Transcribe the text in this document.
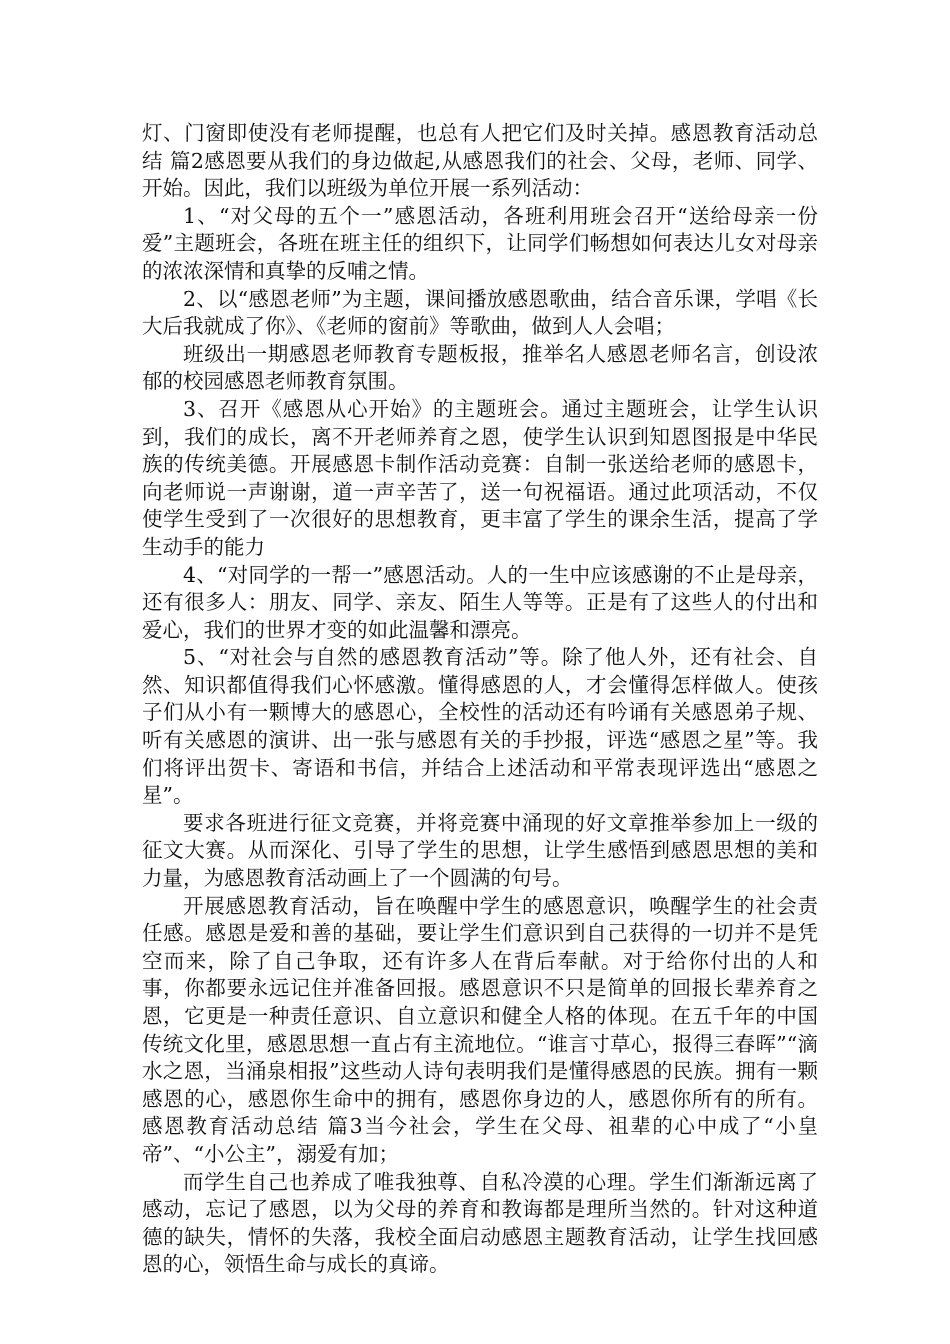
灯、门窗即使没有老师提醒，也总有人把它们及时关掉。感恩教育活动总结 篇2感恩要从我们的身边做起,从感恩我们的社会、父母，老师、同学、开始。因此，我们以班级为单位开展一系列活动：

1、“对父母的五个一”感恩活动，各班利用班会召开“送给母亲一份爱”主题班会，各班在班主任的组织下，让同学们畅想如何表达儿女对母亲的浓浓深情和真挚的反哺之情。

2、以“感恩老师”为主题，课间播放感恩歌曲，结合音乐课，学唱《长大后我就成了你》、《老师的窗前》等歌曲，做到人人会唱；

班级出一期感恩老师教育专题板报，推举名人感恩老师名言，创设浓郁的校园感恩老师教育氛围。

3、召开《感恩从心开始》的主题班会。通过主题班会，让学生认识到，我们的成长，离不开老师养育之恩，使学生认识到知恩图报是中华民族的传统美德。开展感恩卡制作活动竞赛：自制一张送给老师的感恩卡，向老师说一声谢谢，道一声辛苦了，送一句祝福语。通过此项活动，不仅使学生受到了一次很好的思想教育，更丰富了学生的课余生活，提高了学生动手的能力

4、“对同学的一帮一”感恩活动。人的一生中应该感谢的不止是母亲，还有很多人：朋友、同学、亲友、陌生人等等。正是有了这些人的付出和爱心，我们的世界才变的如此温馨和漂亮。

5、“对社会与自然的感恩教育活动”等。除了他人外，还有社会、自然、知识都值得我们心怀感激。懂得感恩的人，才会懂得怎样做人。使孩子们从小有一颗博大的感恩心，全校性的活动还有吟诵有关感恩弟子规、听有关感恩的演讲、出一张与感恩有关的手抄报，评选“感恩之星”等。我们将评出贺卡、寄语和书信，并结合上述活动和平常表现评选出“感恩之星”。

要求各班进行征文竞赛，并将竞赛中涌现的好文章推举参加上一级的征文大赛。从而深化、引导了学生的思想，让学生感悟到感恩思想的美和力量，为感恩教育活动画上了一个圆满的句号。

开展感恩教育活动，旨在唤醒中学生的感恩意识，唤醒学生的社会责任感。感恩是爱和善的基础，要让学生们意识到自己获得的一切并不是凭空而来，除了自己争取，还有许多人在背后奉献。对于给你付出的人和事，你都要永远记住并准备回报。感恩意识不只是简单的回报长辈养育之恩，它更是一种责任意识、自立意识和健全人格的体现。在五千年的中国传统文化里，感恩思想一直占有主流地位。“谁言寸草心，报得三春晖”“滴水之恩，当涌泉相报”这些动人诗句表明我们是懂得感恩的民族。拥有一颗感恩的心，感恩你生命中的拥有，感恩你身边的人，感恩你所有的所有。感恩教育活动总结 篇3当今社会，学生在父母、祖辈的心中成了“小皇帝”、“小公主”，溺爱有加；

而学生自己也养成了唯我独尊、自私冷漠的心理。学生们渐渐远离了感动，忘记了感恩，以为父母的养育和教诲都是理所当然的。针对这种道德的缺失，情怀的失落，我校全面启动感恩主题教育活动，让学生找回感恩的心，领悟生命与成长的真谛。
